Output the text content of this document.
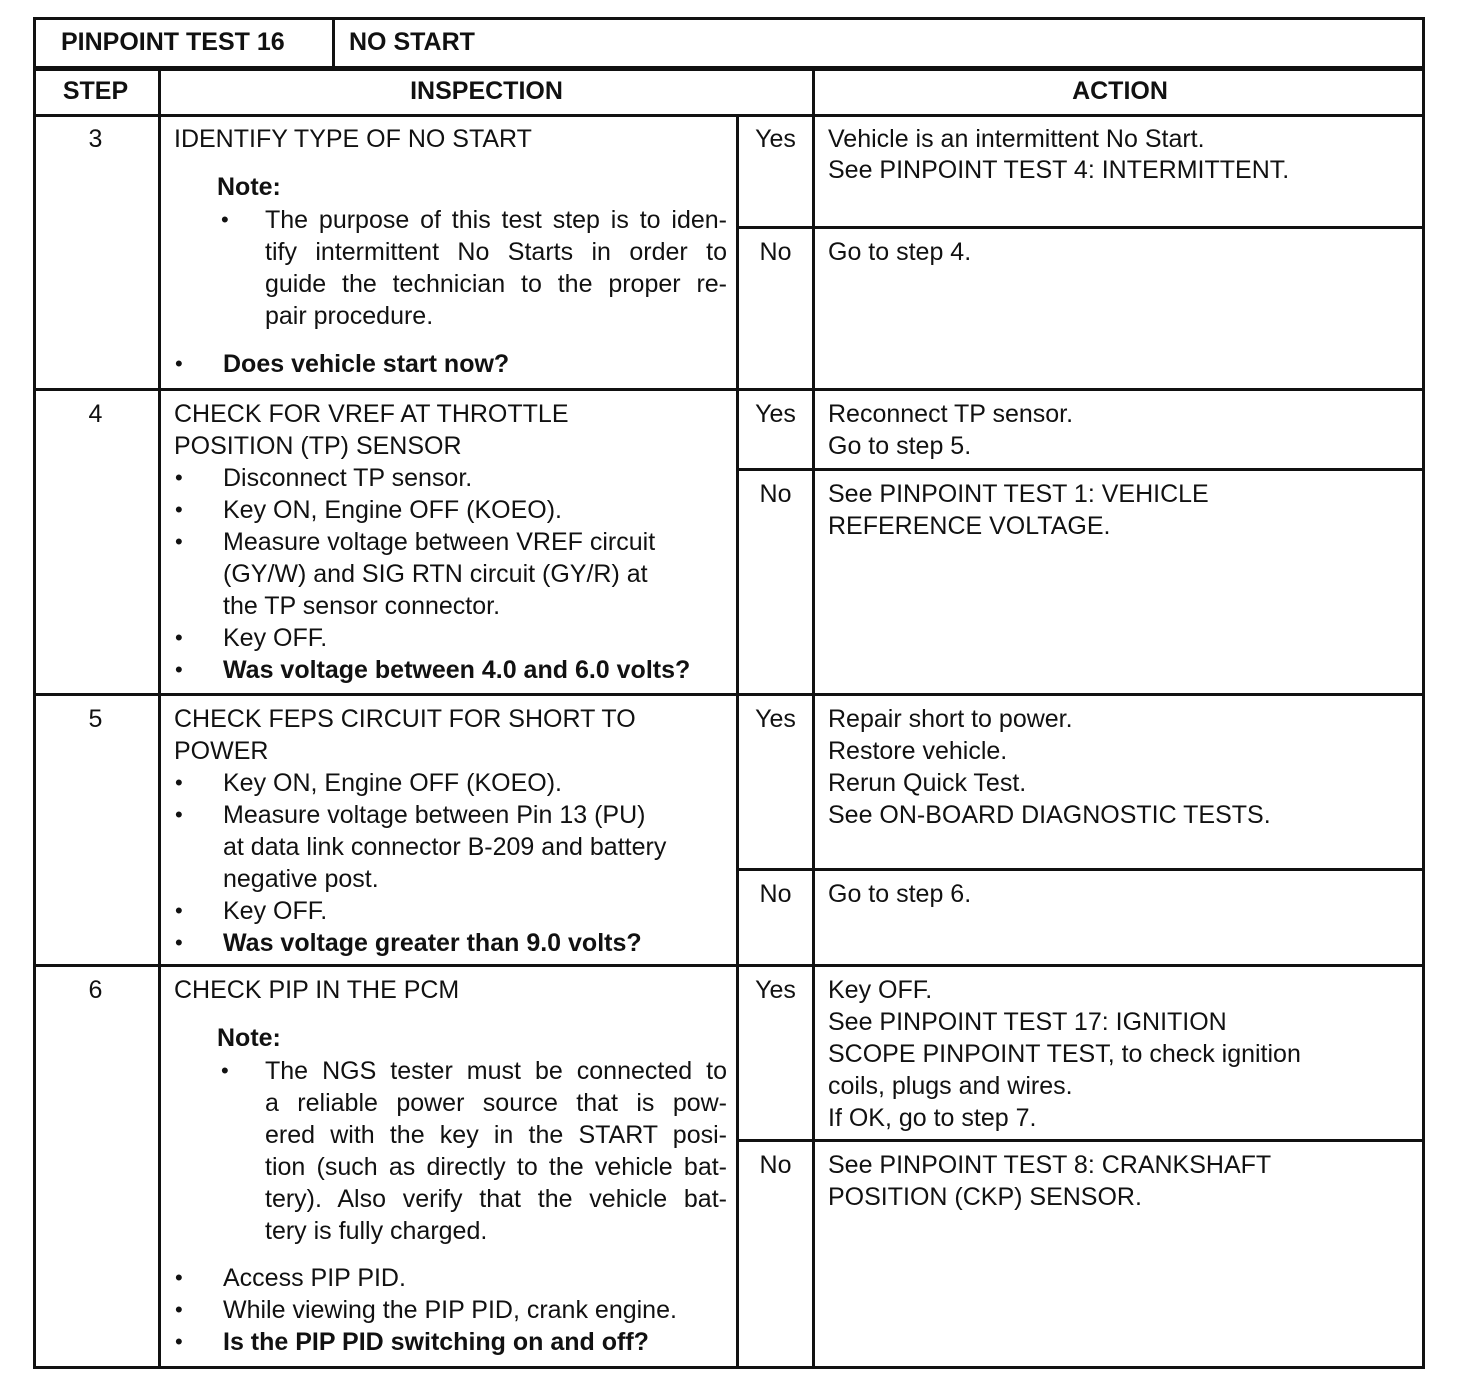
PINPOINT TEST 16	NO START
STEP	INSPECTION	ACTION
3	IDENTIFY TYPE OF NO START
Note:
• The purpose of this test step is to iden-
tify intermittent No Starts in order to
guide the technician to the proper re-
pair procedure.
• Does vehicle start now?
Yes	Vehicle is an intermittent No Start.
See PINPOINT TEST 4: INTERMITTENT.
No	Go to step 4.
4	CHECK FOR VREF AT THROTTLE
POSITION (TP) SENSOR
• Disconnect TP sensor.
• Key ON, Engine OFF (KOEO).
• Measure voltage between VREF circuit
(GY/W) and SIG RTN circuit (GY/R) at
the TP sensor connector.
• Key OFF.
• Was voltage between 4.0 and 6.0 volts?
Yes	Reconnect TP sensor.
Go to step 5.
No	See PINPOINT TEST 1: VEHICLE
REFERENCE VOLTAGE.
5	CHECK FEPS CIRCUIT FOR SHORT TO
POWER
• Key ON, Engine OFF (KOEO).
• Measure voltage between Pin 13 (PU)
at data link connector B-209 and battery
negative post.
• Key OFF.
• Was voltage greater than 9.0 volts?
Yes	Repair short to power.
Restore vehicle.
Rerun Quick Test.
See ON-BOARD DIAGNOSTIC TESTS.
No	Go to step 6.
6	CHECK PIP IN THE PCM
Note:
• The NGS tester must be connected to
a reliable power source that is pow-
ered with the key in the START posi-
tion (such as directly to the vehicle bat-
tery). Also verify that the vehicle bat-
tery is fully charged.
• Access PIP PID.
• While viewing the PIP PID, crank engine.
• Is the PIP PID switching on and off?
Yes	Key OFF.
See PINPOINT TEST 17: IGNITION
SCOPE PINPOINT TEST, to check ignition
coils, plugs and wires.
If OK, go to step 7.
No	See PINPOINT TEST 8: CRANKSHAFT
POSITION (CKP) SENSOR.
